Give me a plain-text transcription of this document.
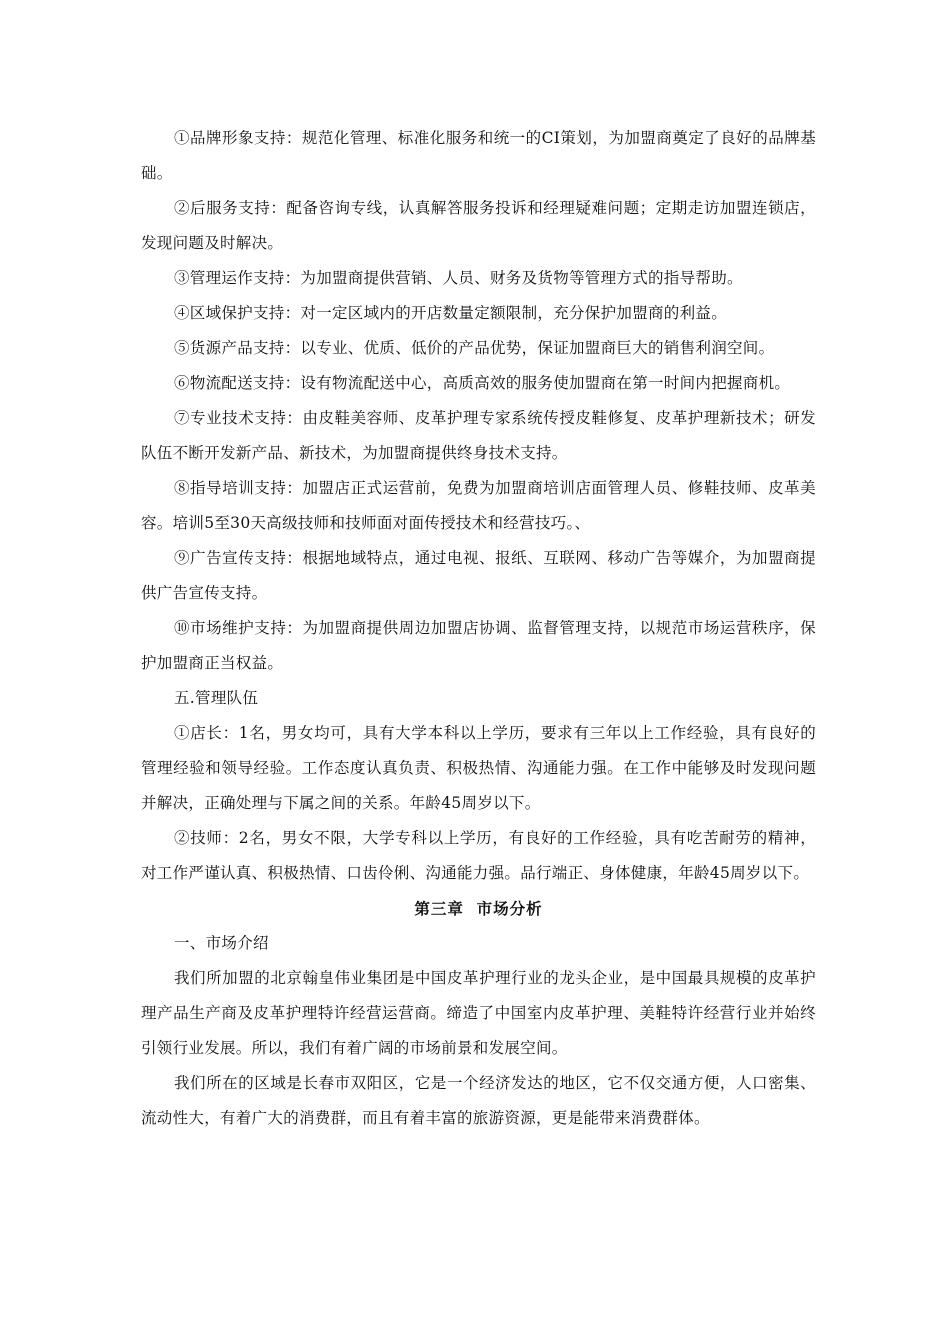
①品牌形象支持：规范化管理、标准化服务和统一的CI策划，为加盟商奠定了良好的品牌基础。

②后服务支持：配备咨询专线，认真解答服务投诉和经理疑难问题；定期走访加盟连锁店，发现问题及时解决。

③管理运作支持：为加盟商提供营销、人员、财务及货物等管理方式的指导帮助。

④区域保护支持：对一定区域内的开店数量定额限制，充分保护加盟商的利益。

⑤货源产品支持：以专业、优质、低价的产品优势，保证加盟商巨大的销售利润空间。

⑥物流配送支持：设有物流配送中心，高质高效的服务使加盟商在第一时间内把握商机。

⑦专业技术支持：由皮鞋美容师、皮革护理专家系统传授皮鞋修复、皮革护理新技术；研发队伍不断开发新产品、新技术，为加盟商提供终身技术支持。

⑧指导培训支持：加盟店正式运营前，免费为加盟商培训店面管理人员、修鞋技师、皮革美容。培训5至30天高级技师和技师面对面传授技术和经营技巧。、

⑨广告宣传支持：根据地域特点，通过电视、报纸、互联网、移动广告等媒介，为加盟商提供广告宣传支持。

⑩市场维护支持：为加盟商提供周边加盟店协调、监督管理支持，以规范市场运营秩序，保护加盟商正当权益。

五.管理队伍

①店长：1名，男女均可，具有大学本科以上学历，要求有三年以上工作经验，具有良好的管理经验和领导经验。工作态度认真负责、积极热情、沟通能力强。在工作中能够及时发现问题并解决，正确处理与下属之间的关系。年龄45周岁以下。

②技师：2名，男女不限，大学专科以上学历，有良好的工作经验，具有吃苦耐劳的精神，对工作严谨认真、积极热情、口齿伶俐、沟通能力强。品行端正、身体健康，年龄45周岁以下。

第三章  市场分析

一、市场介绍

我们所加盟的北京翰皇伟业集团是中国皮革护理行业的龙头企业，是中国最具规模的皮革护理产品生产商及皮革护理特许经营运营商。缔造了中国室内皮革护理、美鞋特许经营行业并始终引领行业发展。所以，我们有着广阔的市场前景和发展空间。

我们所在的区域是长春市双阳区，它是一个经济发达的地区，它不仅交通方便，人口密集、流动性大，有着广大的消费群，而且有着丰富的旅游资源，更是能带来消费群体。
